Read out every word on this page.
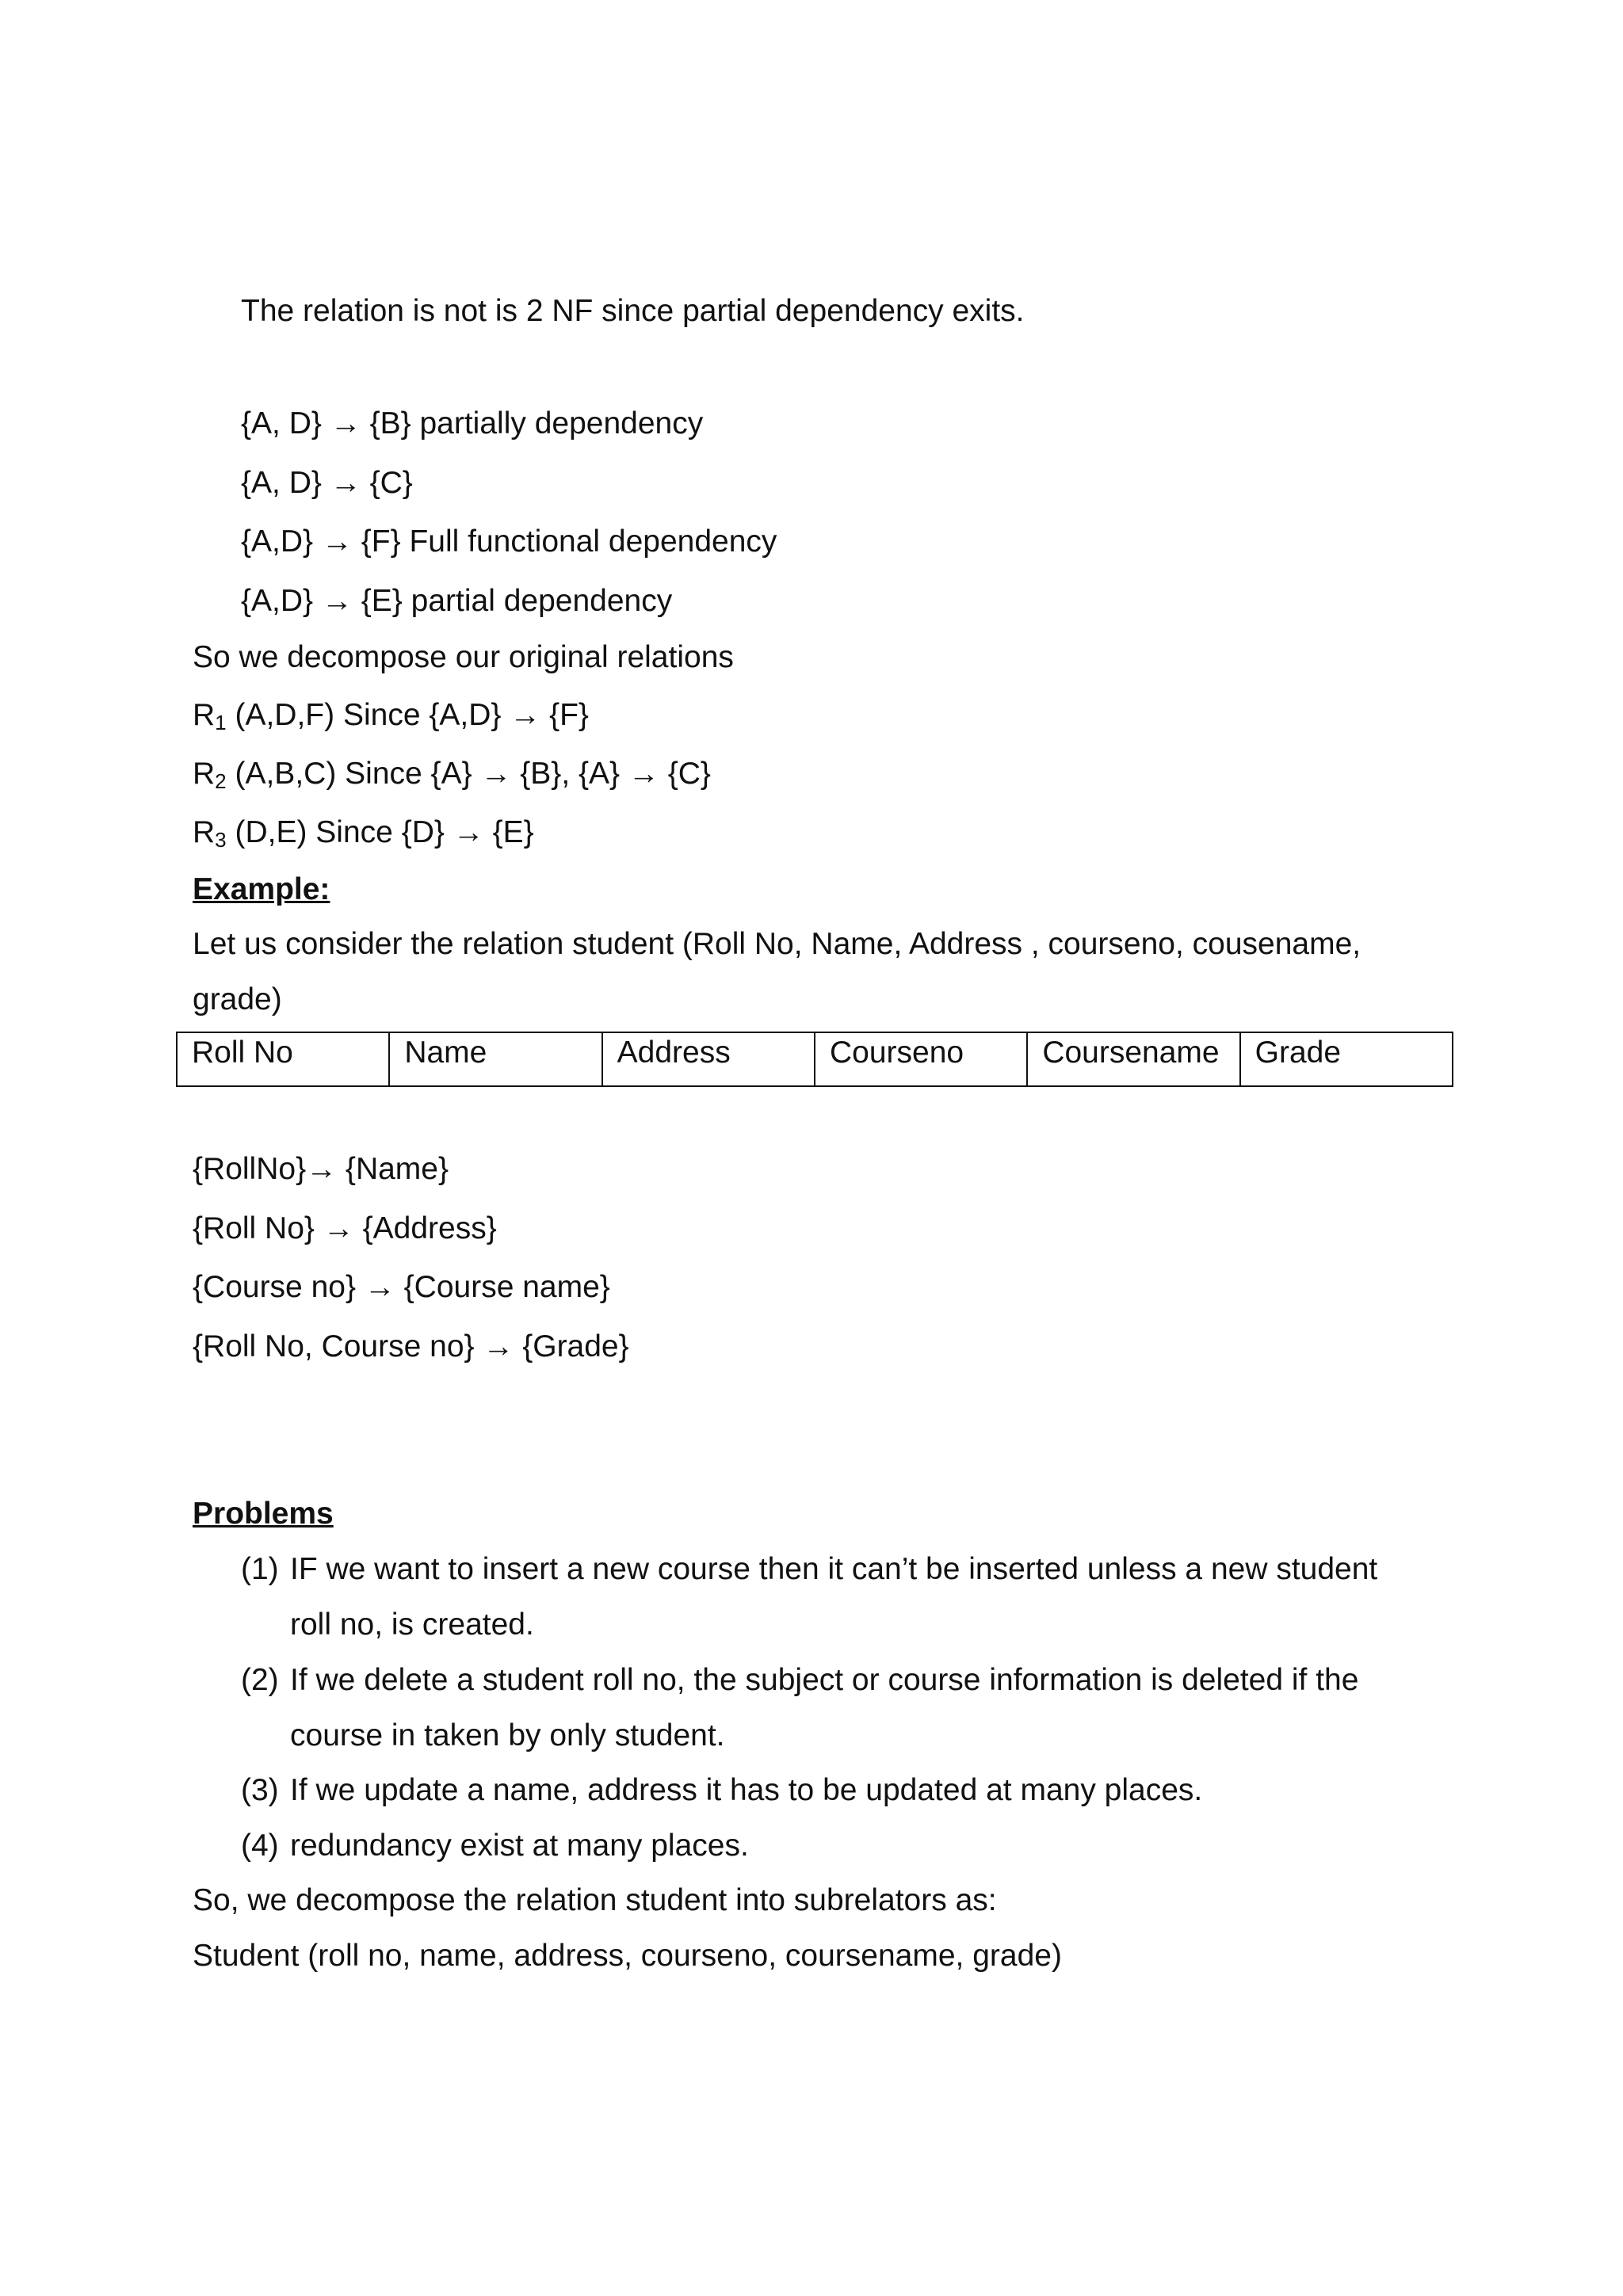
The relation is not is 2 NF since partial dependency exits.
{A, D} → {B} partially dependency
{A, D} → {C}
{A,D} → {F} Full functional dependency
{A,D} → {E} partial dependency
So we decompose our original relations
$R_1$ (A,D,F) Since {A,D} → {F}
$R_2$ (A,B,C) Since {A} → {B}, {A} → {C}
$R_3$ (D,E) Since {D} → {E}
Example:
Let us consider the relation student (Roll No, Name, Address , courseno, cousename,
grade)
Roll No	Name	Address	Courseno	Coursename	Grade
{RollNo}→ {Name}
{Roll No} → {Address}
{Course no} → {Course name}
{Roll No, Course no} → {Grade}
Problems
(1) IF we want to insert a new course then it can’t be inserted unless a new student
roll no, is created.
(2) If we delete a student roll no, the subject or course information is deleted if the
course in taken by only student.
(3) If we update a name, address it has to be updated at many places.
(4) redundancy exist at many places.
So, we decompose the relation student into subrelators as:
Student (roll no, name, address, courseno, coursename, grade)
